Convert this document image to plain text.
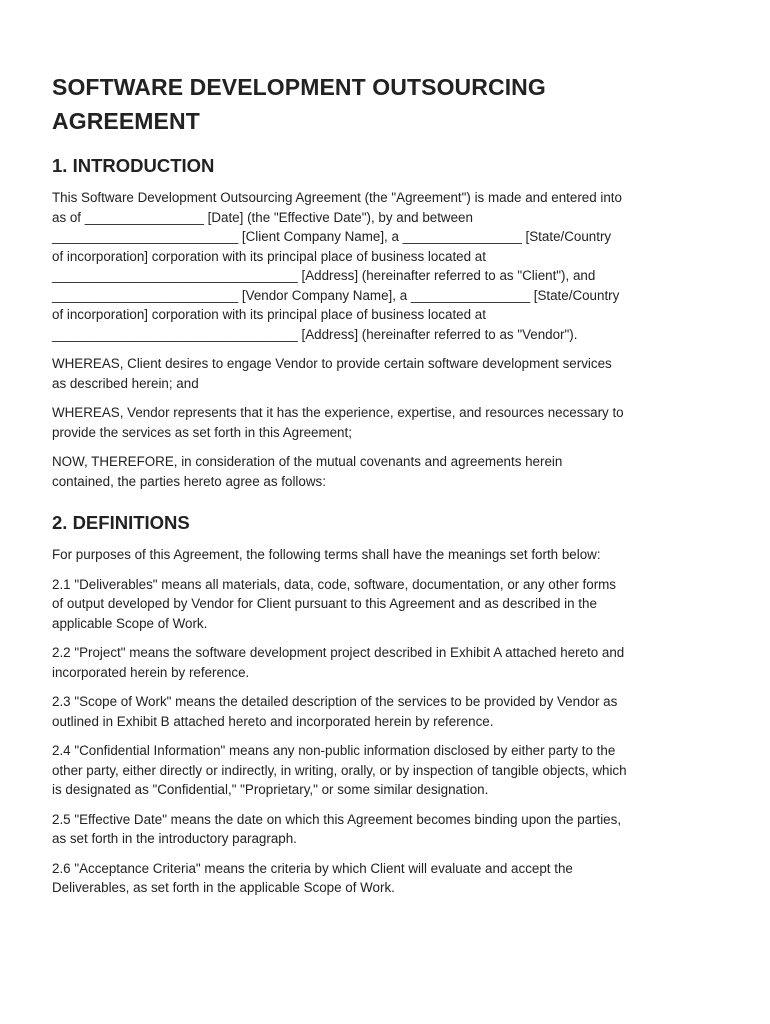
SOFTWARE DEVELOPMENT OUTSOURCING
AGREEMENT
1. INTRODUCTION

This Software Development Outsourcing Agreement (the "Agreement") is made and entered into
as of ________________ [Date] (the "Effective Date"), by and between
_________________________ [Client Company Name], a ________________ [State/Country
of incorporation] corporation with its principal place of business located at
_________________________________ [Address] (hereinafter referred to as "Client"), and
_________________________ [Vendor Company Name], a ________________ [State/Country
of incorporation] corporation with its principal place of business located at
_________________________________ [Address] (hereinafter referred to as "Vendor").

WHEREAS, Client desires to engage Vendor to provide certain software development services
as described herein; and

WHEREAS, Vendor represents that it has the experience, expertise, and resources necessary to
provide the services as set forth in this Agreement;

NOW, THEREFORE, in consideration of the mutual covenants and agreements herein
contained, the parties hereto agree as follows:

2. DEFINITIONS

For purposes of this Agreement, the following terms shall have the meanings set forth below:

2.1 "Deliverables" means all materials, data, code, software, documentation, or any other forms
of output developed by Vendor for Client pursuant to this Agreement and as described in the
applicable Scope of Work.

2.2 "Project" means the software development project described in Exhibit A attached hereto and
incorporated herein by reference.

2.3 "Scope of Work" means the detailed description of the services to be provided by Vendor as
outlined in Exhibit B attached hereto and incorporated herein by reference.

2.4 "Confidential Information" means any non-public information disclosed by either party to the
other party, either directly or indirectly, in writing, orally, or by inspection of tangible objects, which
is designated as "Confidential," "Proprietary," or some similar designation.

2.5 "Effective Date" means the date on which this Agreement becomes binding upon the parties,
as set forth in the introductory paragraph.

2.6 "Acceptance Criteria" means the criteria by which Client will evaluate and accept the
Deliverables, as set forth in the applicable Scope of Work.
